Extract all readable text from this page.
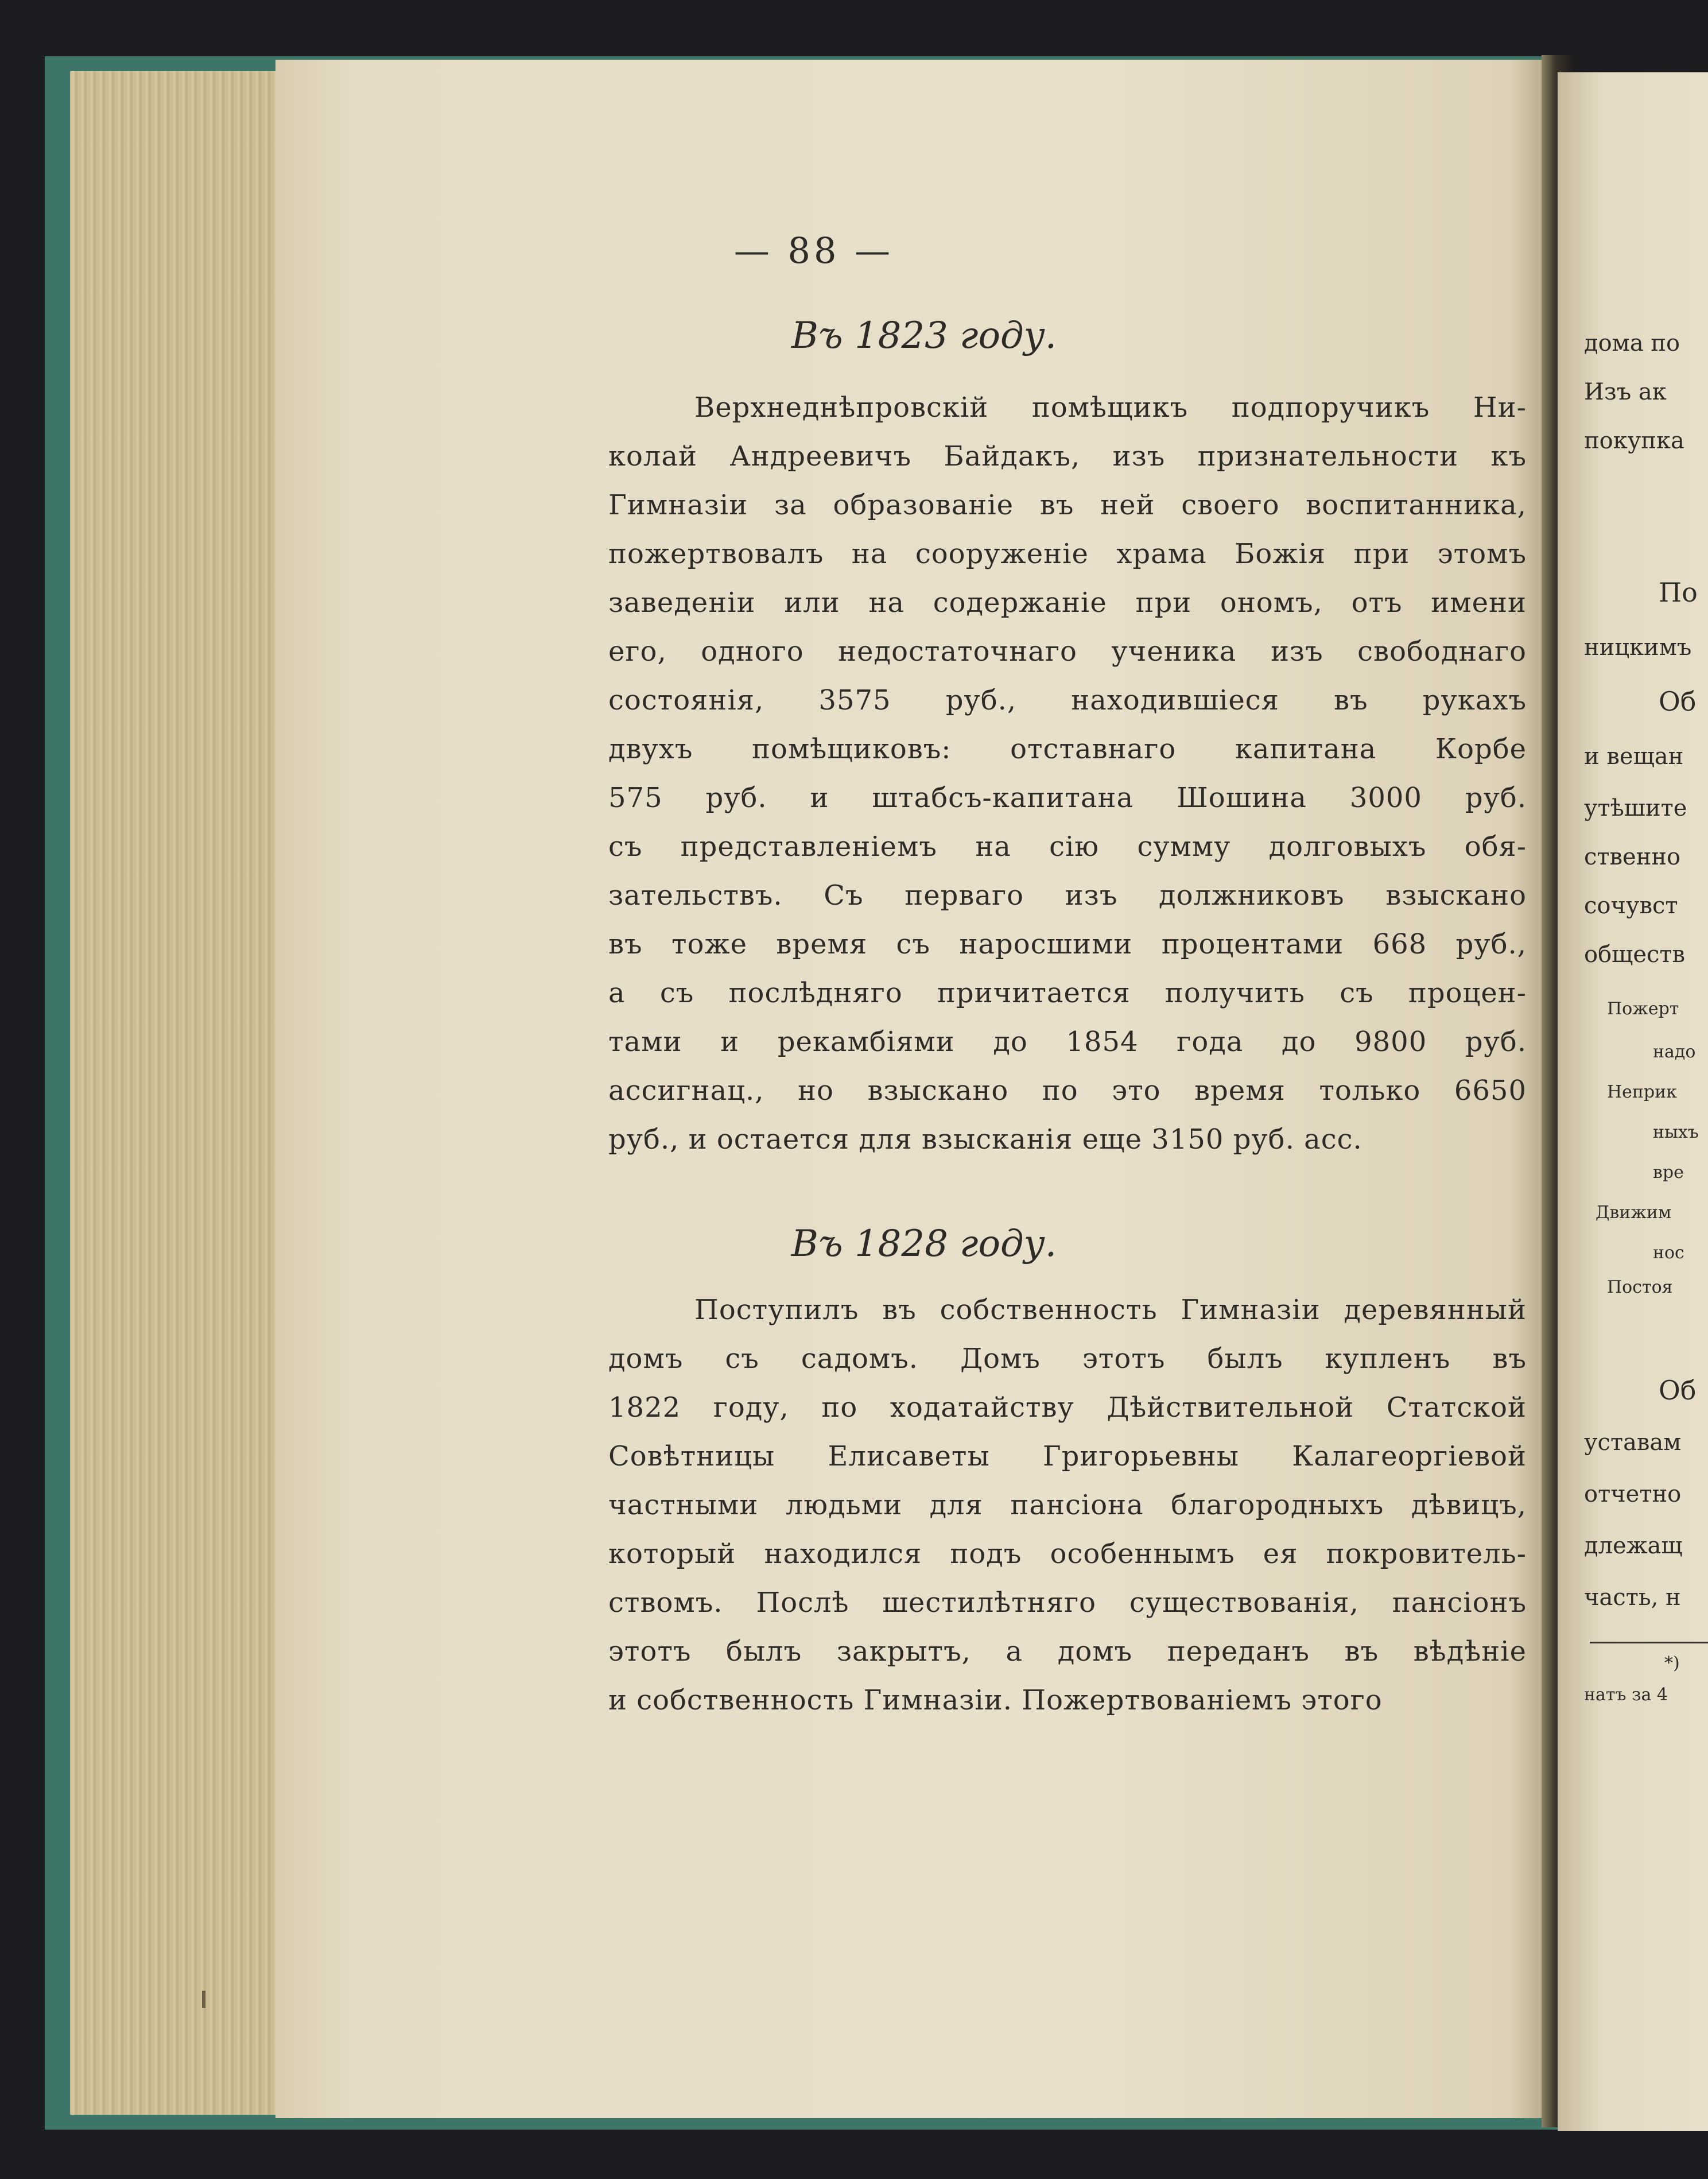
— 88 —
Въ 1823 году.
Верхнеднѣпровскій помѣщикъ подпоручикъ Ни-
колай Андреевичъ Байдакъ, изъ признательности къ
Гимназіи за образованіе въ ней своего воспитанника,
пожертвовалъ на сооруженіе храма Божія при этомъ
заведеніи или на содержаніе при ономъ, отъ имени
его, одного недостаточнаго ученика изъ свободнаго
состоянія, 3575 руб., находившіеся въ рукахъ
двухъ помѣщиковъ: отставнаго капитана Корбе
575 руб. и штабсъ-капитана Шошина 3000 руб.
съ представленіемъ на сію сумму долговыхъ обя-
зательствъ. Съ перваго изъ должниковъ взыскано
въ тоже время съ наросшими процентами 668 руб.,
а съ послѣдняго причитается получить съ процен-
тами и рекамбіями до 1854 года до 9800 руб.
ассигнац., но взыскано по это время только 6650
руб., и остается для взысканія еще 3150 руб. асс.
Въ 1828 году.
Поступилъ въ собственность Гимназіи деревянный
домъ съ садомъ. Домъ этотъ былъ купленъ въ
1822 году, по ходатайству Дѣйствительной Статской
Совѣтницы Елисаветы Григорьевны Калагеоргіевой
частными людьми для пансіона благородныхъ дѣвицъ,
который находился подъ особеннымъ ея покровитель-
ствомъ. Послѣ шестилѣтняго существованія, пансіонъ
этотъ былъ закрытъ, а домъ переданъ въ вѣдѣніе
и собственность Гимназіи. Пожертвованіемъ этого
дома по
Изъ ак
покупка
По
ницкимъ
Об
и вещан
утѣшите
ственно
сочувст
обществ
Пожерт
надо
Неприк
ныхъ
вре
Движим
нос
Постоя
Об
уставам
отчетно
длежащ
часть, н
*)
натъ за 4
